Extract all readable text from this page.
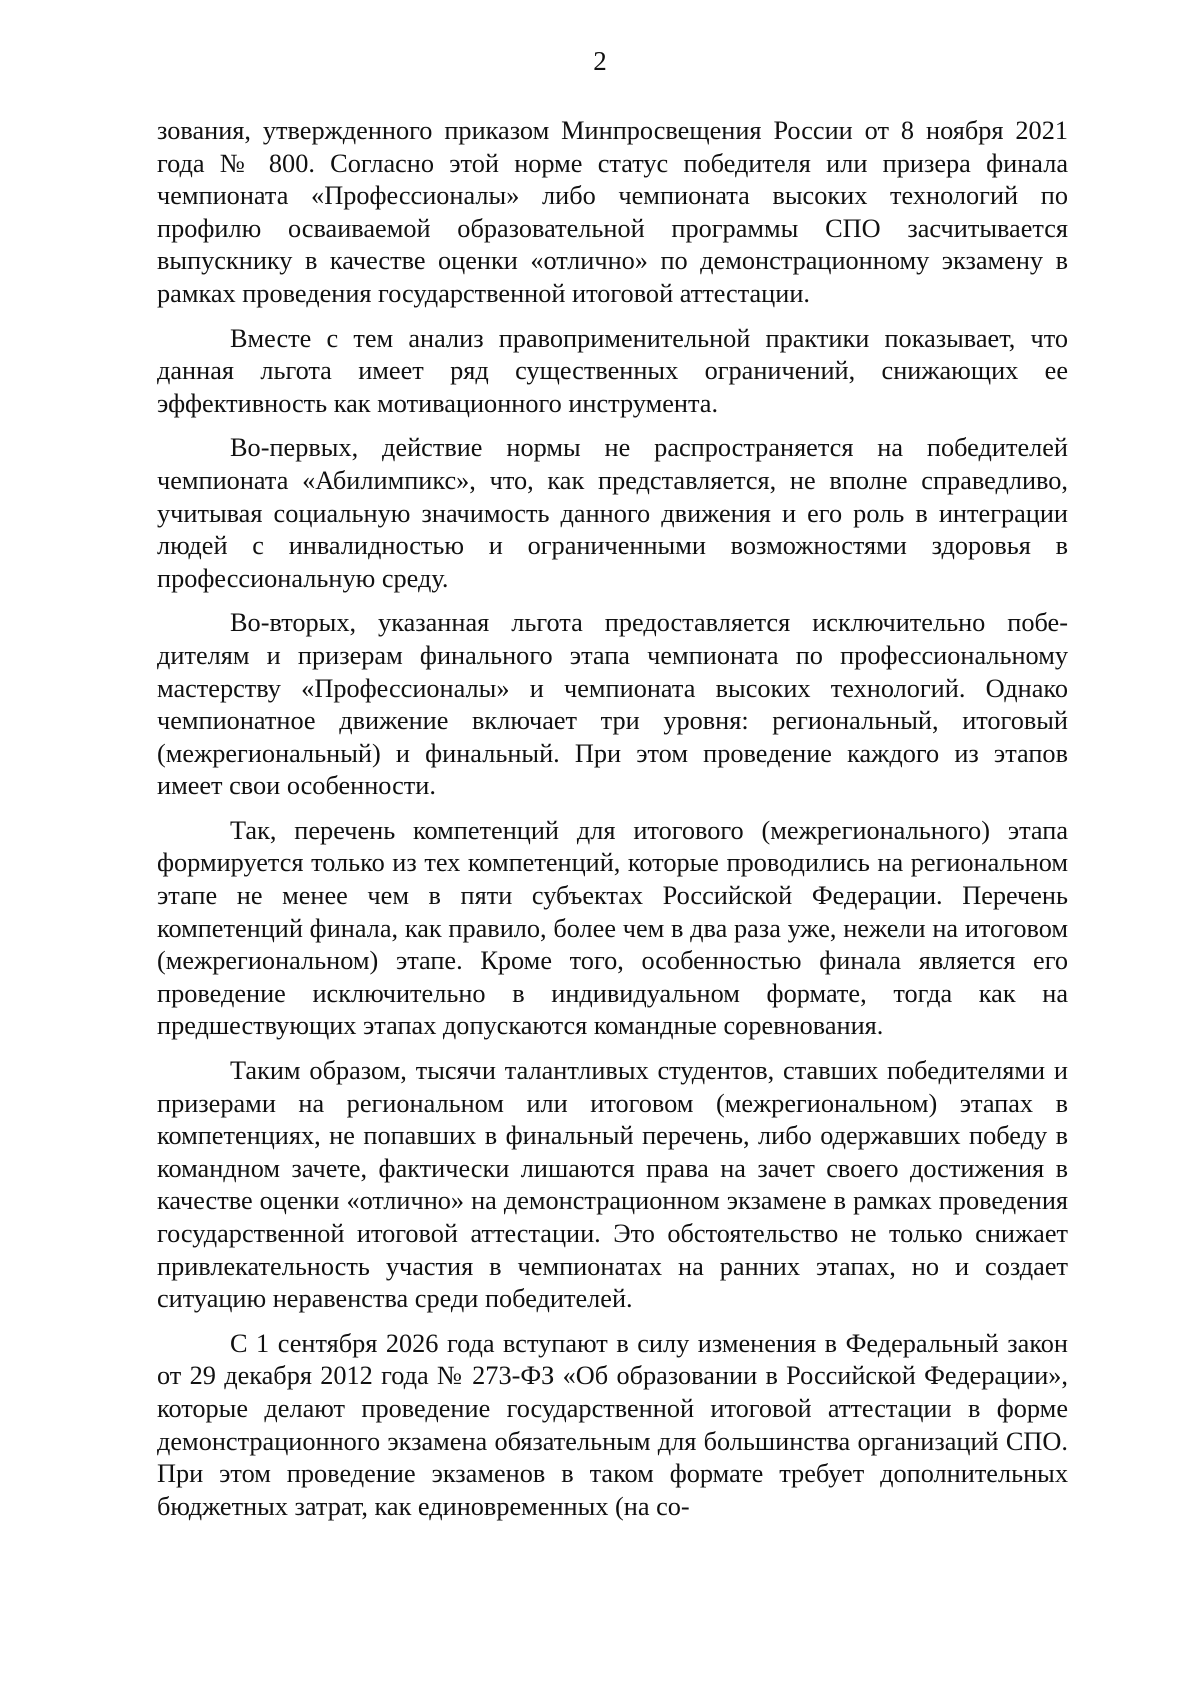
2

зования, утвержденного приказом Минпросвещения России от 8 ноября 2021 года № 800. Согласно этой норме статус победителя или призера финала чемпионата «Профессионалы» либо чемпионата высоких технологий по профилю осваиваемой образовательной программы СПО засчитывается выпускнику в качестве оценки «отлично» по демонстрационному экзамену в рамках проведения государственной итоговой аттестации.

Вместе с тем анализ правоприменительной практики показывает, что данная льгота имеет ряд существенных ограничений, снижающих ее эффективность как мотивационного инструмента.

Во-первых, действие нормы не распространяется на победителей чемпионата «Абилимпикс», что, как представляется, не вполне справедливо, учитывая социальную значимость данного движения и его роль в интеграции людей с инвалидностью и ограниченными возможностями здоровья в профессиональную среду.

Во-вторых, указанная льгота предоставляется исключительно победителям и призерам финального этапа чемпионата по профессиональному мастерству «Профессионалы» и чемпионата высоких технологий. Однако чемпионатное движение включает три уровня: региональный, итоговый (межрегиональный) и финальный. При этом проведение каждого из этапов имеет свои особенности.

Так, перечень компетенций для итогового (межрегионального) этапа формируется только из тех компетенций, которые проводились на региональном этапе не менее чем в пяти субъектах Российской Федерации. Перечень компетенций финала, как правило, более чем в два раза уже, нежели на итоговом (межрегиональном) этапе. Кроме того, особенностью финала является его проведение исключительно в индивидуальном формате, тогда как на предшествующих этапах допускаются командные соревнования.

Таким образом, тысячи талантливых студентов, ставших победителями и призерами на региональном или итоговом (межрегиональном) этапах в компетенциях, не попавших в финальный перечень, либо одержавших победу в командном зачете, фактически лишаются права на зачет своего достижения в качестве оценки «отлично» на демонстрационном экзамене в рамках проведения государственной итоговой аттестации. Это обстоятельство не только снижает привлекательность участия в чемпионатах на ранних этапах, но и создает ситуацию неравенства среди победителей.

С 1 сентября 2026 года вступают в силу изменения в Федеральный закон от 29 декабря 2012 года № 273-ФЗ «Об образовании в Российской Федерации», которые делают проведение государственной итоговой аттестации в форме демонстрационного экзамена обязательным для большинства организаций СПО. При этом проведение экзаменов в таком формате требует дополнительных бюджетных затрат, как единовременных (на со-
